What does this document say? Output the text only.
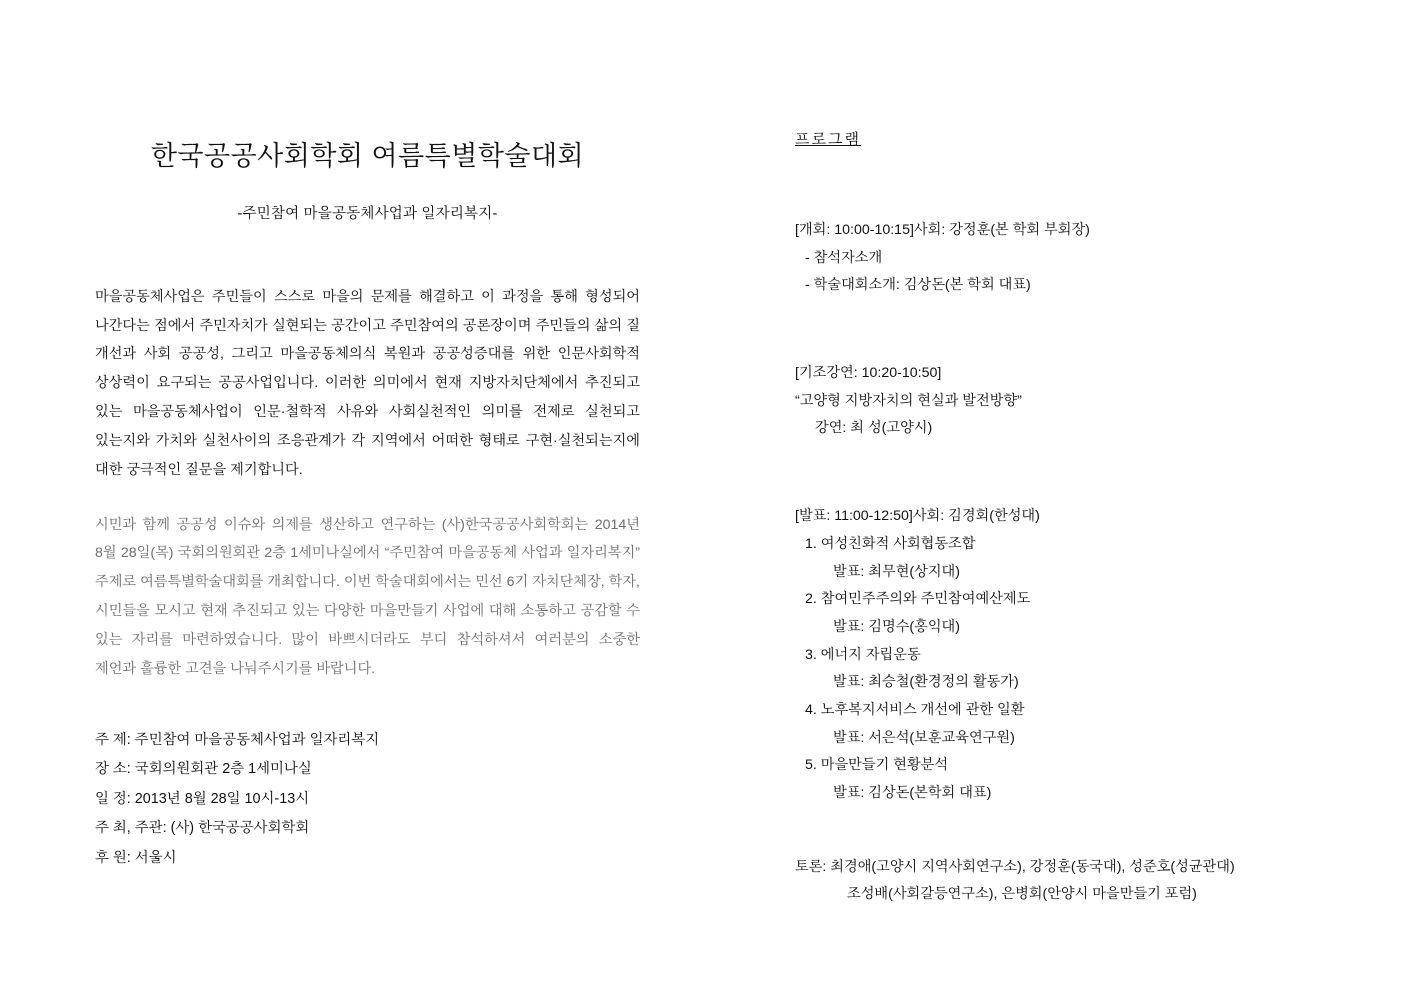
한국공공사회학회 여름특별학술대회
-주민참여 마을공동체사업과 일자리복지-

마을공동체사업은 주민들이 스스로 마을의 문제를 해결하고 이 과정을 통해 형성되어 나간다는 점에서 주민자치가 실현되는 공간이고 주민참여의 공론장이며 주민들의 삶의 질 개선과 사회 공공성, 그리고 마을공동체의식 복원과 공공성증대를 위한 인문사회학적 상상력이 요구되는 공공사업입니다. 이러한 의미에서 현재 지방자치단체에서 추진되고 있는 마을공동체사업이 인문·철학적 사유와 사회실천적인 의미를 전제로 실천되고 있는지와 가치와 실천사이의 조응관계가 각 지역에서 어떠한 형태로 구현·실천되는지에 대한 궁극적인 질문을 제기합니다.

시민과 함께 공공성 이슈와 의제를 생산하고 연구하는 (사)한국공공사회학회는 2014년 8월 28일(목) 국회의원회관 2층 1세미나실에서 “주민참여 마을공동체 사업과 일자리복지” 주제로 여름특별학술대회를 개최합니다. 이번 학술대회에서는 민선 6기 자치단체장, 학자, 시민들을 모시고 현재 추진되고 있는 다양한 마을만들기 사업에 대해 소통하고 공감할 수 있는 자리를 마련하였습니다. 많이 바쁘시더라도 부디 참석하셔서 여러분의 소중한 제언과 훌륭한 고견을 나눠주시기를 바랍니다.

주 제: 주민참여 마을공동체사업과 일자리복지
장 소: 국회의원회관 2층 1세미나실
일 정: 2013년 8월 28일 10시-13시
주 최, 주관: (사) 한국공공사회학회
후 원: 서울시
프로그램
[개회: 10:00-10:15]사회: 강정훈(본 학회 부회장)
- 참석자소개
- 학술대회소개: 김상돈(본 학회 대표)
[기조강연: 10:20-10:50]
“고양형 지방자치의 현실과 발전방향”
강연: 최 성(고양시)
[발표: 11:00-12:50]사회: 김경회(한성대)
1. 여성친화적 사회협동조합
발표: 최무현(상지대)
2. 참여민주주의와 주민참여예산제도
발표: 김명수(홍익대)
3. 에너지 자립운동
발표: 최승철(환경정의 활동가)
4. 노후복지서비스 개선에 관한 일환
발표: 서은석(보훈교육연구원)
5. 마을만들기 현황분석
발표: 김상돈(본학회 대표)
토론: 최경애(고양시 지역사회연구소), 강정훈(동국대), 성준호(성균관대)
조성배(사회갈등연구소), 은병회(안양시 마을만들기 포럼)
